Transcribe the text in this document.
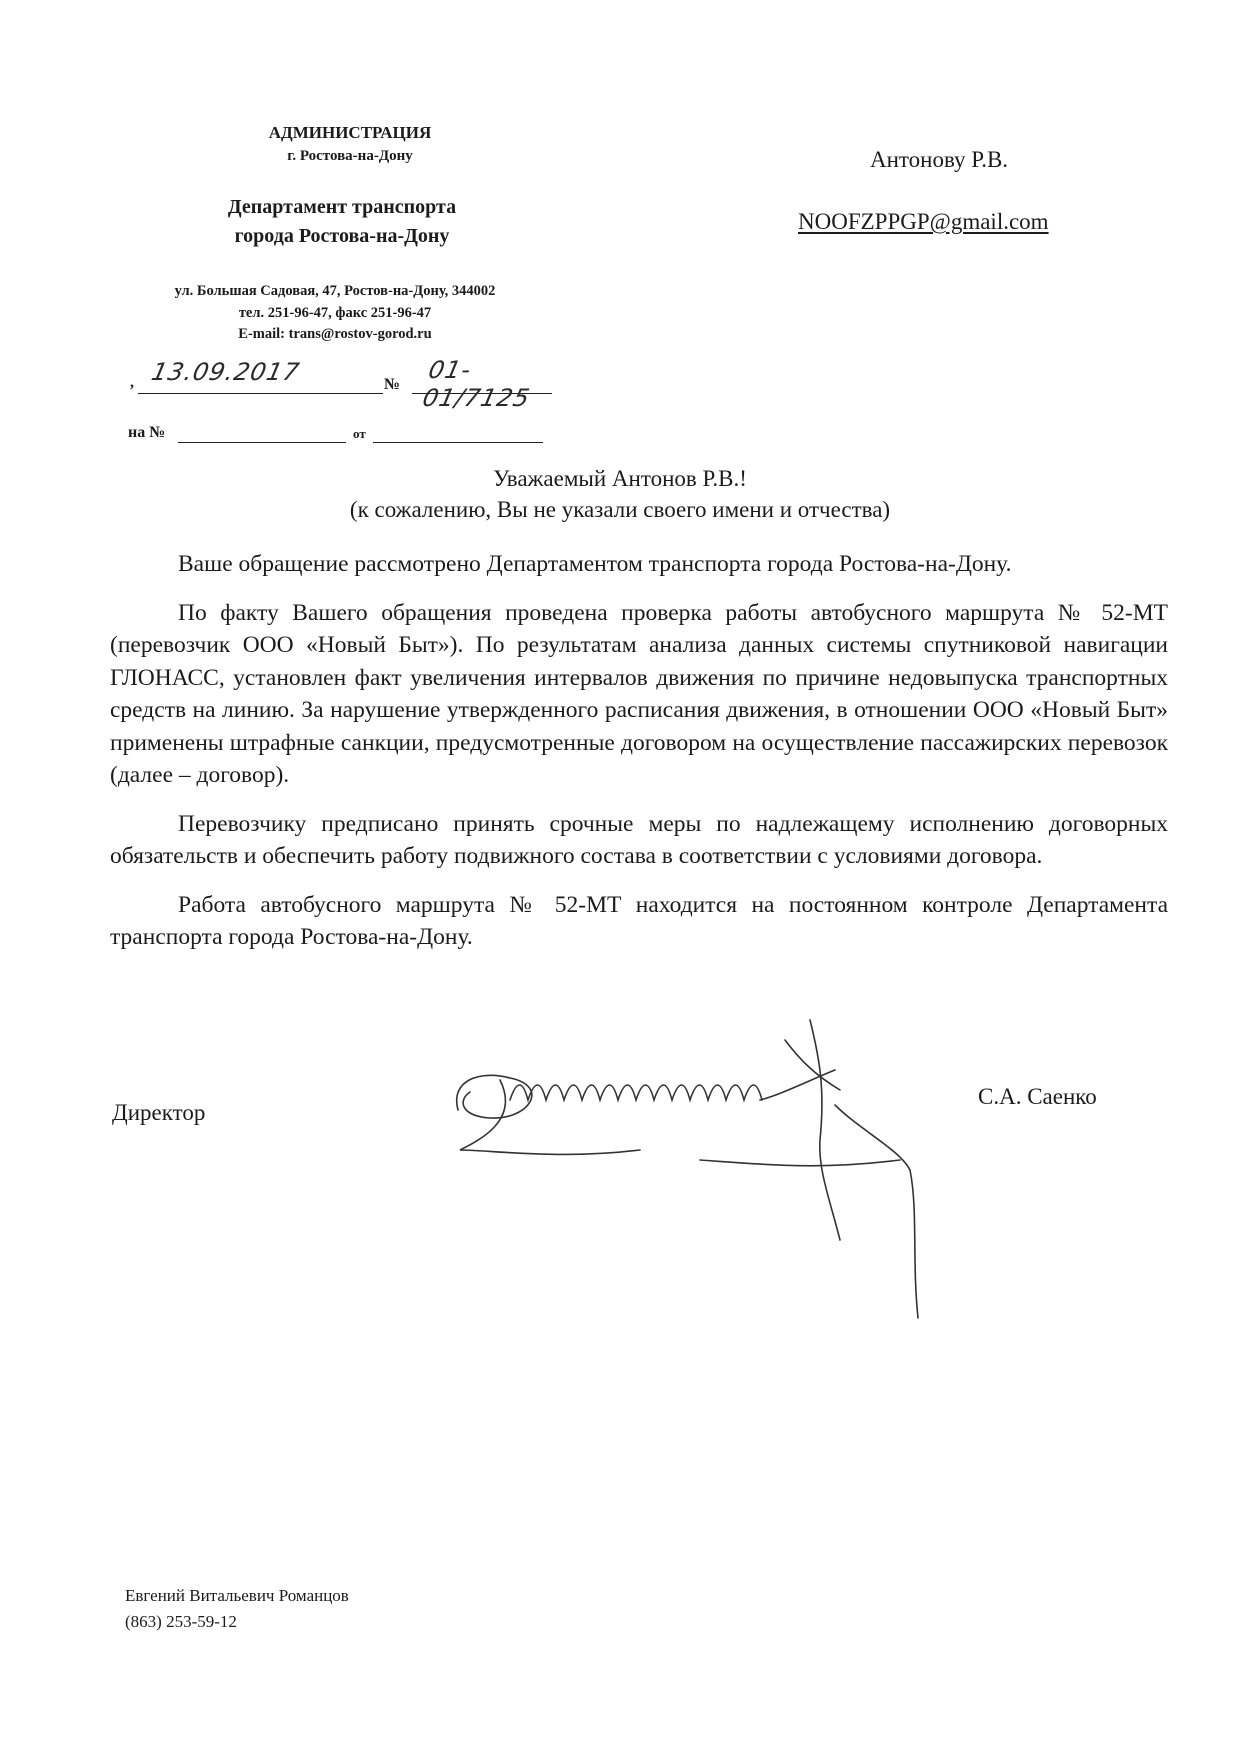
АДМИНИСТРАЦИЯ
г. Ростова-на-Дону
Департамент транспорта
города Ростова-на-Дону
ул. Большая Садовая, 47, Ростов-на-Дону, 344002
тел. 251-96-47, факс 251-96-47
E-mail: trans@rostov-gorod.ru
, 13.09.2017	№
01-01/7125
на №	от
Антонову Р.В.
NOOFZPPGP@gmail.com
Уважаемый Антонов Р.В.!
(к сожалению, Вы не указали своего имени и отчества)

Ваше обращение рассмотрено Департаментом транспорта города Ростова-на-Дону.

По факту Вашего обращения проведена проверка работы автобусного маршрута № 52-МТ (перевозчик ООО «Новый Быт»). По результатам анализа данных системы спутниковой навигации ГЛОНАСС, установлен факт увеличения интервалов движения по причине недовыпуска транспортных средств на линию. За нарушение утвержденного расписания движения, в отношении ООО «Новый Быт» применены штрафные санкции, предусмотренные договором на осуществление пассажирских перевозок (далее – договор).

Перевозчику предписано принять срочные меры по надлежащему исполнению договорных обязательств и обеспечить работу подвижного состава в соответствии с условиями договора.

Работа автобусного маршрута № 52-МТ находится на постоянном контроле Департамента транспорта города Ростова-на-Дону.

Директор
С.А. Саенко
Евгений Витальевич Романцов
(863) 253-59-12
